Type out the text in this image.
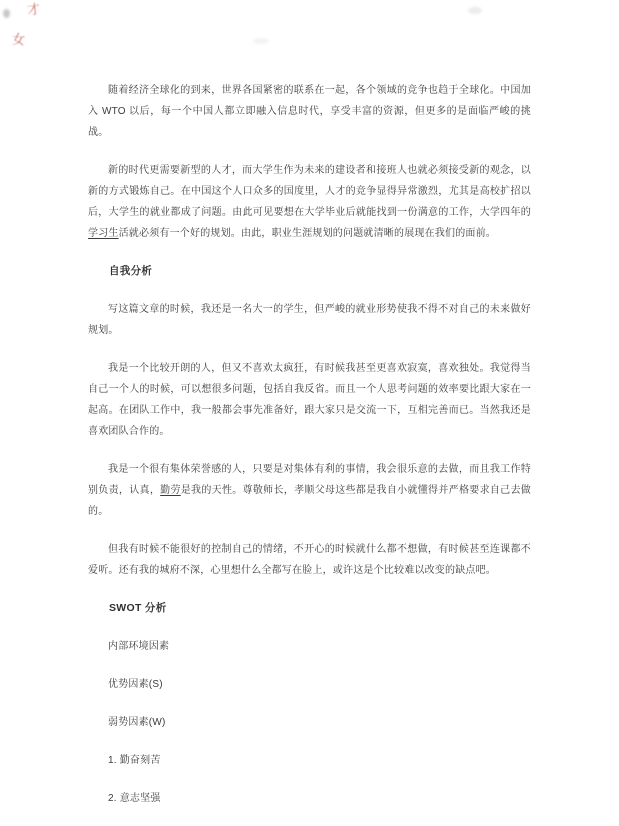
才
女

随着经济全球化的到来，世界各国紧密的联系在一起，各个领域的竞争也趋于全球化。中国加入 WTO 以后，每一个中国人都立即融入信息时代，享受丰富的资源，但更多的是面临严峻的挑战。

新的时代更需要新型的人才，而大学生作为未来的建设者和接班人也就必须接受新的观念，以新的方式锻炼自己。在中国这个人口众多的国度里，人才的竞争显得异常激烈，尤其是高校扩招以后，大学生的就业都成了问题。由此可见要想在大学毕业后就能找到一份满意的工作，大学四年的学习生活就必须有一个好的规划。由此，职业生涯规划的问题就清晰的展现在我们的面前。

自我分析

写这篇文章的时候，我还是一名大一的学生，但严峻的就业形势使我不得不对自己的未来做好规划。

我是一个比较开朗的人，但又不喜欢太疯狂，有时候我甚至更喜欢寂寞，喜欢独处。我觉得当自己一个人的时候，可以想很多问题，包括自我反省。而且一个人思考问题的效率要比跟大家在一起高。在团队工作中，我一般都会事先准备好，跟大家只是交流一下，互相完善而已。当然我还是喜欢团队合作的。

我是一个很有集体荣誉感的人，只要是对集体有利的事情，我会很乐意的去做，而且我工作特别负责，认真，勤劳是我的天性。尊敬师长，孝顺父母这些都是我自小就懂得并严格要求自己去做的。

但我有时候不能很好的控制自己的情绪，不开心的时候就什么都不想做，有时候甚至连课都不爱听。还有我的城府不深，心里想什么全都写在脸上，或许这是个比较难以改变的缺点吧。

SWOT 分析

内部环境因素

优势因素(S)

弱势因素(W)

1. 勤奋刻苦

2. 意志坚强
